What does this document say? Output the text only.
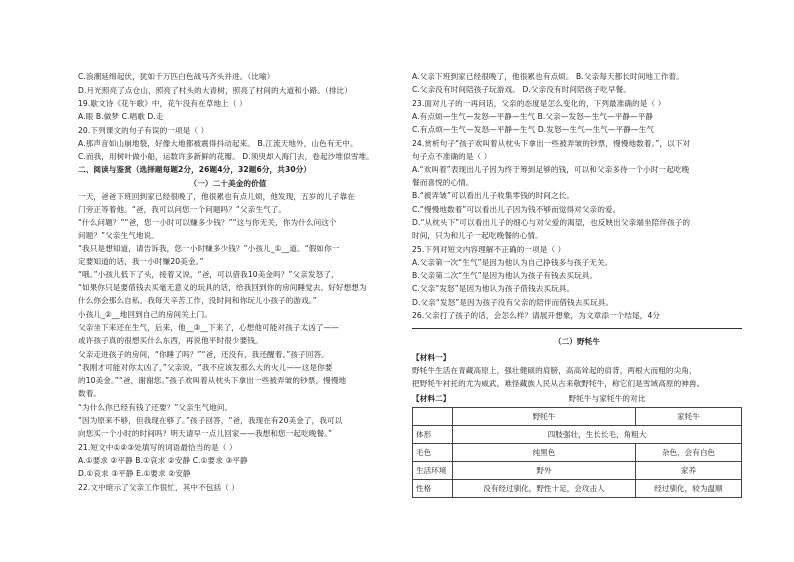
C.浪潮延绵起伏，犹如千万匹白色战马齐头并进。（比喻）
D.月光照亮了点仓山，照亮了村头的大青树，照亮了村间的大道和小路。（排比）
19.歇文诗《花午歌》中，花午没有在草地上（ ）
A.眼 B.做梦 C.唱歌 D.走
20.下列课文的句子有误的一项是（ ）
A.那声音如山崩地裂，好像大地都被震得抖动起来。 B.江流天地外，山色有无中。
C.而我，用树叶做小船，运数许多新鲜的花瓣。 D.须臾却入海门去，卷起沙堆似雪堆。
二、阅读与鉴赏（选择题每题2分，26题4分，32题6分，共30分）
（一）二十美金的价值
一天，爸爸下班回到家已经很晚了，他很累也有点儿烦，他发现，五岁的儿子靠在
门旁正等着他。“爸，我可以问您一个问题吗？”父亲生气了。
“什么问题？”“爸，您一小时可以赚多少钱？”“这与你无关，你为什么问这个
问题？”父亲生气地说。
“我只是想知道，请告诉我，您一小时赚多少钱？”小孩儿_①__道。“假如你一
定要知道的话，我一小时赚20美金。”
“哦。”小孩儿低下了头，接着又说，“爸，可以借我10美金吗？”父亲发怒了，
“如果你只是要借钱去买毫无意义的玩具的话，给我回到你的房间睡觉去。好好想想为
什么你会那么自私。我每天辛苦工作，没时间和你玩儿小孩子的游戏。”
小孩儿_②__地回到自己的房间关上门。
父亲坐下来还在生气，后来，他__③__下来了，心想他可能对孩子太凶了——
或许孩子真的很想买什么东西，再说他平时很少要钱。
父亲走进孩子的房间，“你睡了吗？”“爸，还没有，我还醒着。”孩子回答。
“我刚才可能对你太凶了，”父亲说，“我不应该发那么大的火儿——这是你要
的10美金。”“爸，谢谢您。”孩子欢叫着从枕头下拿出一些被弄皱的钞票，慢慢地
数着。
“为什么你已经有钱了还要？”父亲生气地问。
“因为原来不够，但我现在够了。”孩子回答，“爸，我现在有20美金了，我可以
向您买一个小时的时间吗？明天请早一点儿回家——我想和您一起吃晚餐。”
21.短文中①②③处填写的词语最恰当的是（ ）
A.①要求 ②平静 B.①哀求 ②安静 C.①要求 ③平静
D.①哀求 ③平静 E.①要求 ②安静
22.文中暗示了父亲工作很忙，其中不包括（ ）
A.父亲下班到家已经很晚了，他很累也有点烦。 B.父亲每天都长时间地工作着。
C.父亲没有时间陪孩子玩游戏。 D.父亲没有时间陪孩子吃早餐。
23.面对儿子的一再问话，父亲的态度是怎么变化的，下列最准确的是（ ）
A.有点烦—生气—发怒—平静—生气 B.父亲—发怒—生气—平静—平静
C.有点烦—生气—发怒—平静—生气 D.发怒—生气—生气—平静—生气
24.赏析句子“孩子欢叫着从枕头下拿出一些被弄皱的钞票，慢慢地数着。”，以下对
句子点不准确的是（ ）
A.“欢叫着”表现出儿子因为终于筹到足够的钱，可以和父亲多待一个小时一起吃晚
餐而喜悦的心情。
B.“被弄皱”可以看出儿子收集零钱的时间之长。
C.“慢慢地数着”可以看出儿子因为钱不够而觉得对父亲的爱。
D.“从枕头下”可以看出儿子的细心与对父爱的渴望，也反映出父亲端坐陪伴孩子的
时间，只为和儿子一起吃晚餐的心情。
25.下列对短文内容理解不正确的一项是（ ）
A.父亲第一次“生气”是因为他认为自己挣钱多与孩子无关。
B.父亲第二次“生气”是因为他认为孩子有钱去买玩具。
C.父亲“发怒”是因为他认为孩子借钱去买玩具。
D.父亲“发怒”是因为孩子没有父亲的陪伴而借钱去买玩具。
26.父亲打了孩子的话，会怎么样？请展开想象，为文章添一个结尾，4分
（二）野牦牛
【材料一】
野牦牛生活在青藏高原上，强壮健硕的肩膀，高高耸起的肩背，两根大而粗的尖角，
把野牦牛衬托的尤为威武，难怪藏族人民从古来敬野牦牛，称它们是雪域高原的神兽。
【材料二】	野牦牛与家牦牛的对比
	野牦牛	家牦牛
体形	四肢强壮，生长长毛，角粗大	
毛色	纯黑色	杂色，会有白色
生活环境	野外	家养
性格	没有经过驯化，野性十足，会攻击人	经过驯化，较为温顺
